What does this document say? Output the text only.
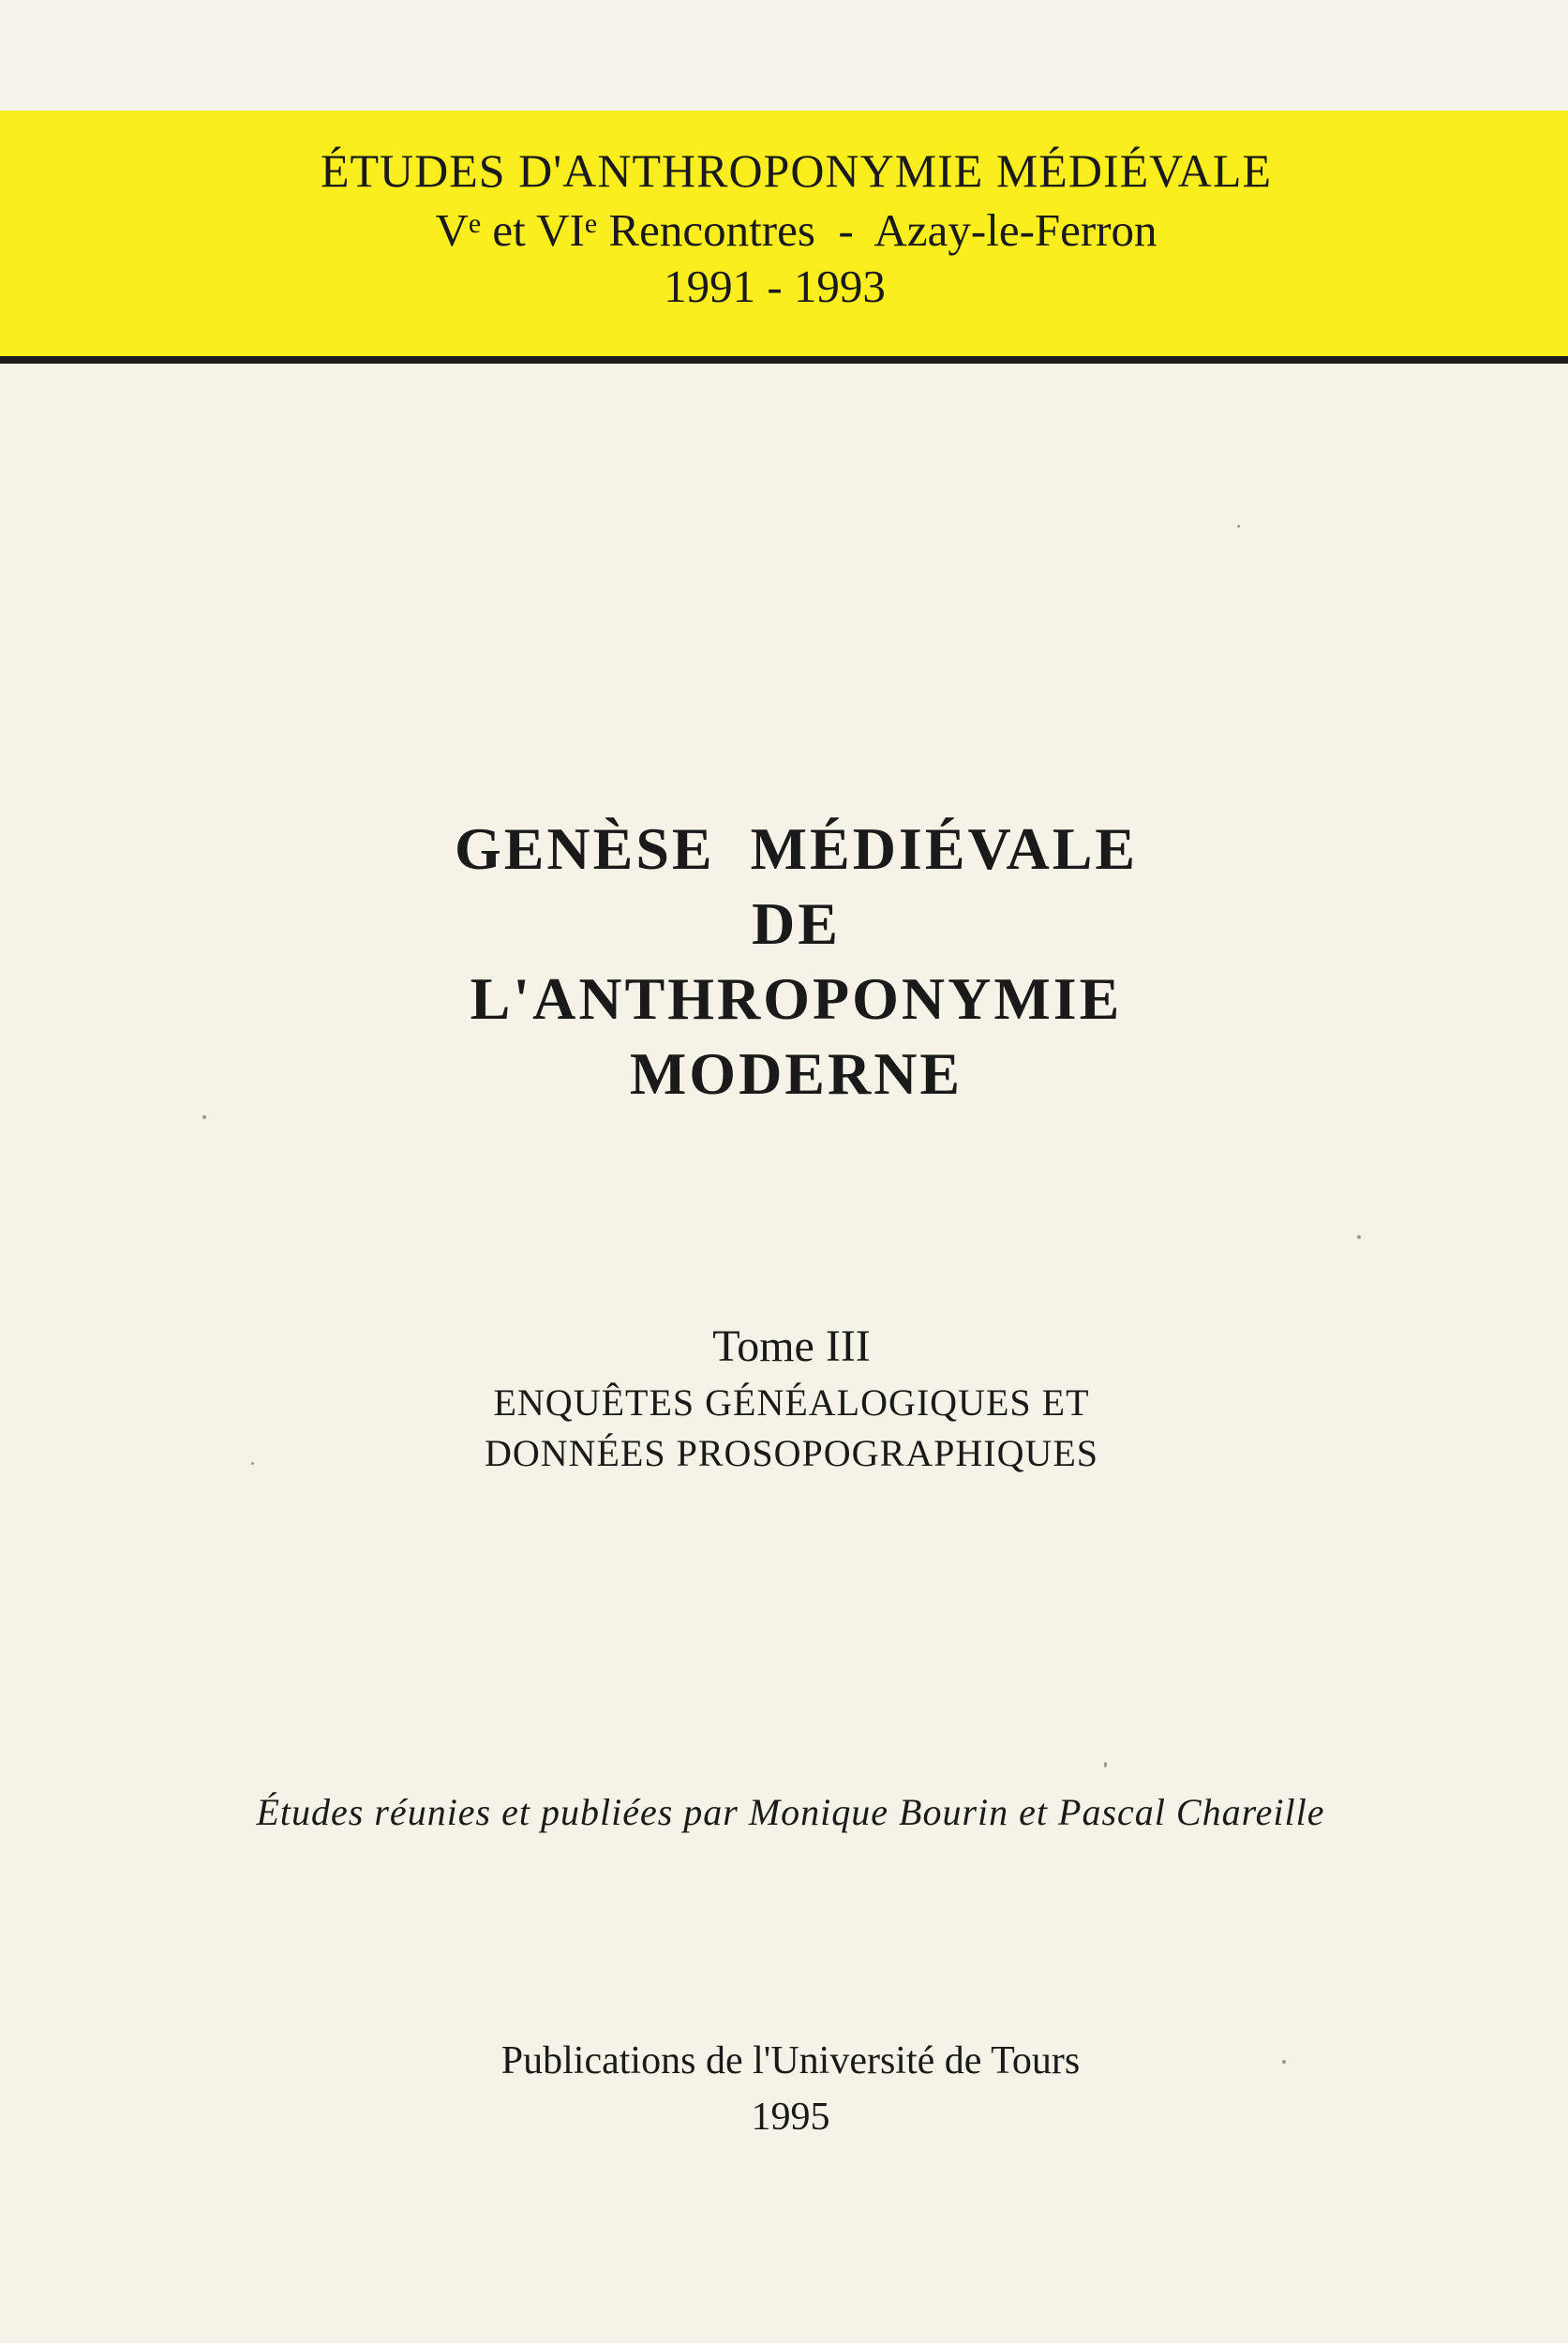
ÉTUDES D'ANTHROPONYMIE MÉDIÉVALE
Ve et VIe Rencontres  -  Azay-le-Ferron
1991 - 1993
GENÈSE  MÉDIÉVALE
DE
L'ANTHROPONYMIE
MODERNE
Tome III
ENQUÊTES GÉNÉALOGIQUES ET
DONNÉES PROSOPOGRAPHIQUES
Études réunies et publiées par Monique Bourin et Pascal Chareille
Publications de l'Université de Tours
1995
